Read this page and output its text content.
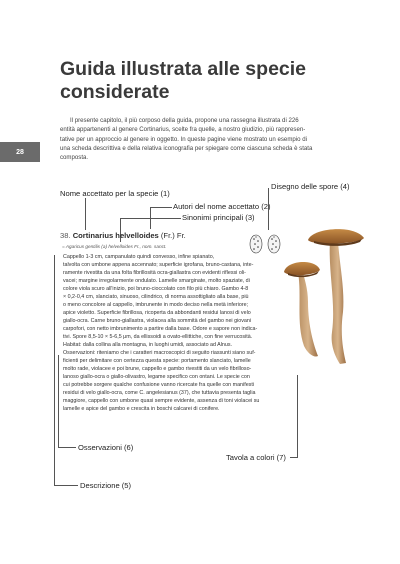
28
Guida illustrata alle specie
considerate
Il presente capitolo, il più corposo della guida, propone una rassegna illustrata di 226
entità appartenenti al genere Cortinarius, scelte fra quelle, a nostro giudizio, più rappresen-
tative per un approccio al genere in oggetto. In queste pagine viene mostrato un esempio di
una scheda descrittiva e della relativa iconografia per spiegare come ciascuna scheda è stata
composta.
Nome accettato per la specie (1)
Autori del nome accettato (2)
Sinonimi principali (3)
Disegno delle spore (4)
38. Cortinarius helvelloides (Fr.) Fr.
= Agaricus gentilis (a) helvelloides Fr., nom. sanct.
Cappello 1-3 cm, campanulato quindi convesso, infine spianato,
talvolta con umbone appena accennato; superficie igrofana, bruno-castana, inte-
ramente rivestita da una folta fibrillosità ocra-giallastra con evidenti riflessi oli-
vacei; margine irregolarmente ondulato. Lamelle smarginate, molto spaziate, di
colore viola scuro all'inizio, poi bruno-cioccolato con filo più chiaro. Gambo 4-8
× 0,2-0,4 cm, slanciato, sinuoso, cilindrico, di norma assottigliato alla base, più
o meno concolore al cappello, imbrunente in modo deciso nella metà inferiore;
apice violetto. Superficie fibrillosa, ricoperta da abbondanti residui lanosi di velo
giallo-ocra. Carne bruno-giallastra, violacea alla sommità del gambo nei giovani
carpofori, con netto imbrunimento a partire dalla base. Odore e sapore non indica-
tivi. Spore 8,5-10 × 5-6,5 μm, da ellissoidi a ovato-ellittiche, con fine verrucosità.
Habitat: dalla collina alla montagna, in luoghi umidi, associato ad Alnus.
Osservazioni: riteniamo che i caratteri macroscopici di seguito riassunti siano suf-
ficienti per delimitare con certezza questa specie: portamento slanciato, lamelle
molto rade, violacee e poi brune, cappello e gambo rivestiti da un velo fibrilloso-
lanoso giallo-ocra o giallo-olivastro, legame specifico con ontani. Le specie con
cui potrebbe sorgere qualche confusione vanno ricercate fra quelle con manifesti
residui di velo giallo-ocra, come C. angelesianus (37), che tuttavia presenta taglia
maggiore, cappello con umbone quasi sempre evidente, assenza di toni violacei su
lamelle e apice del gambo e crescita in boschi calcarei di conifere.
Descrizione (5)
Osservazioni (6)
Tavola a colori (7)
